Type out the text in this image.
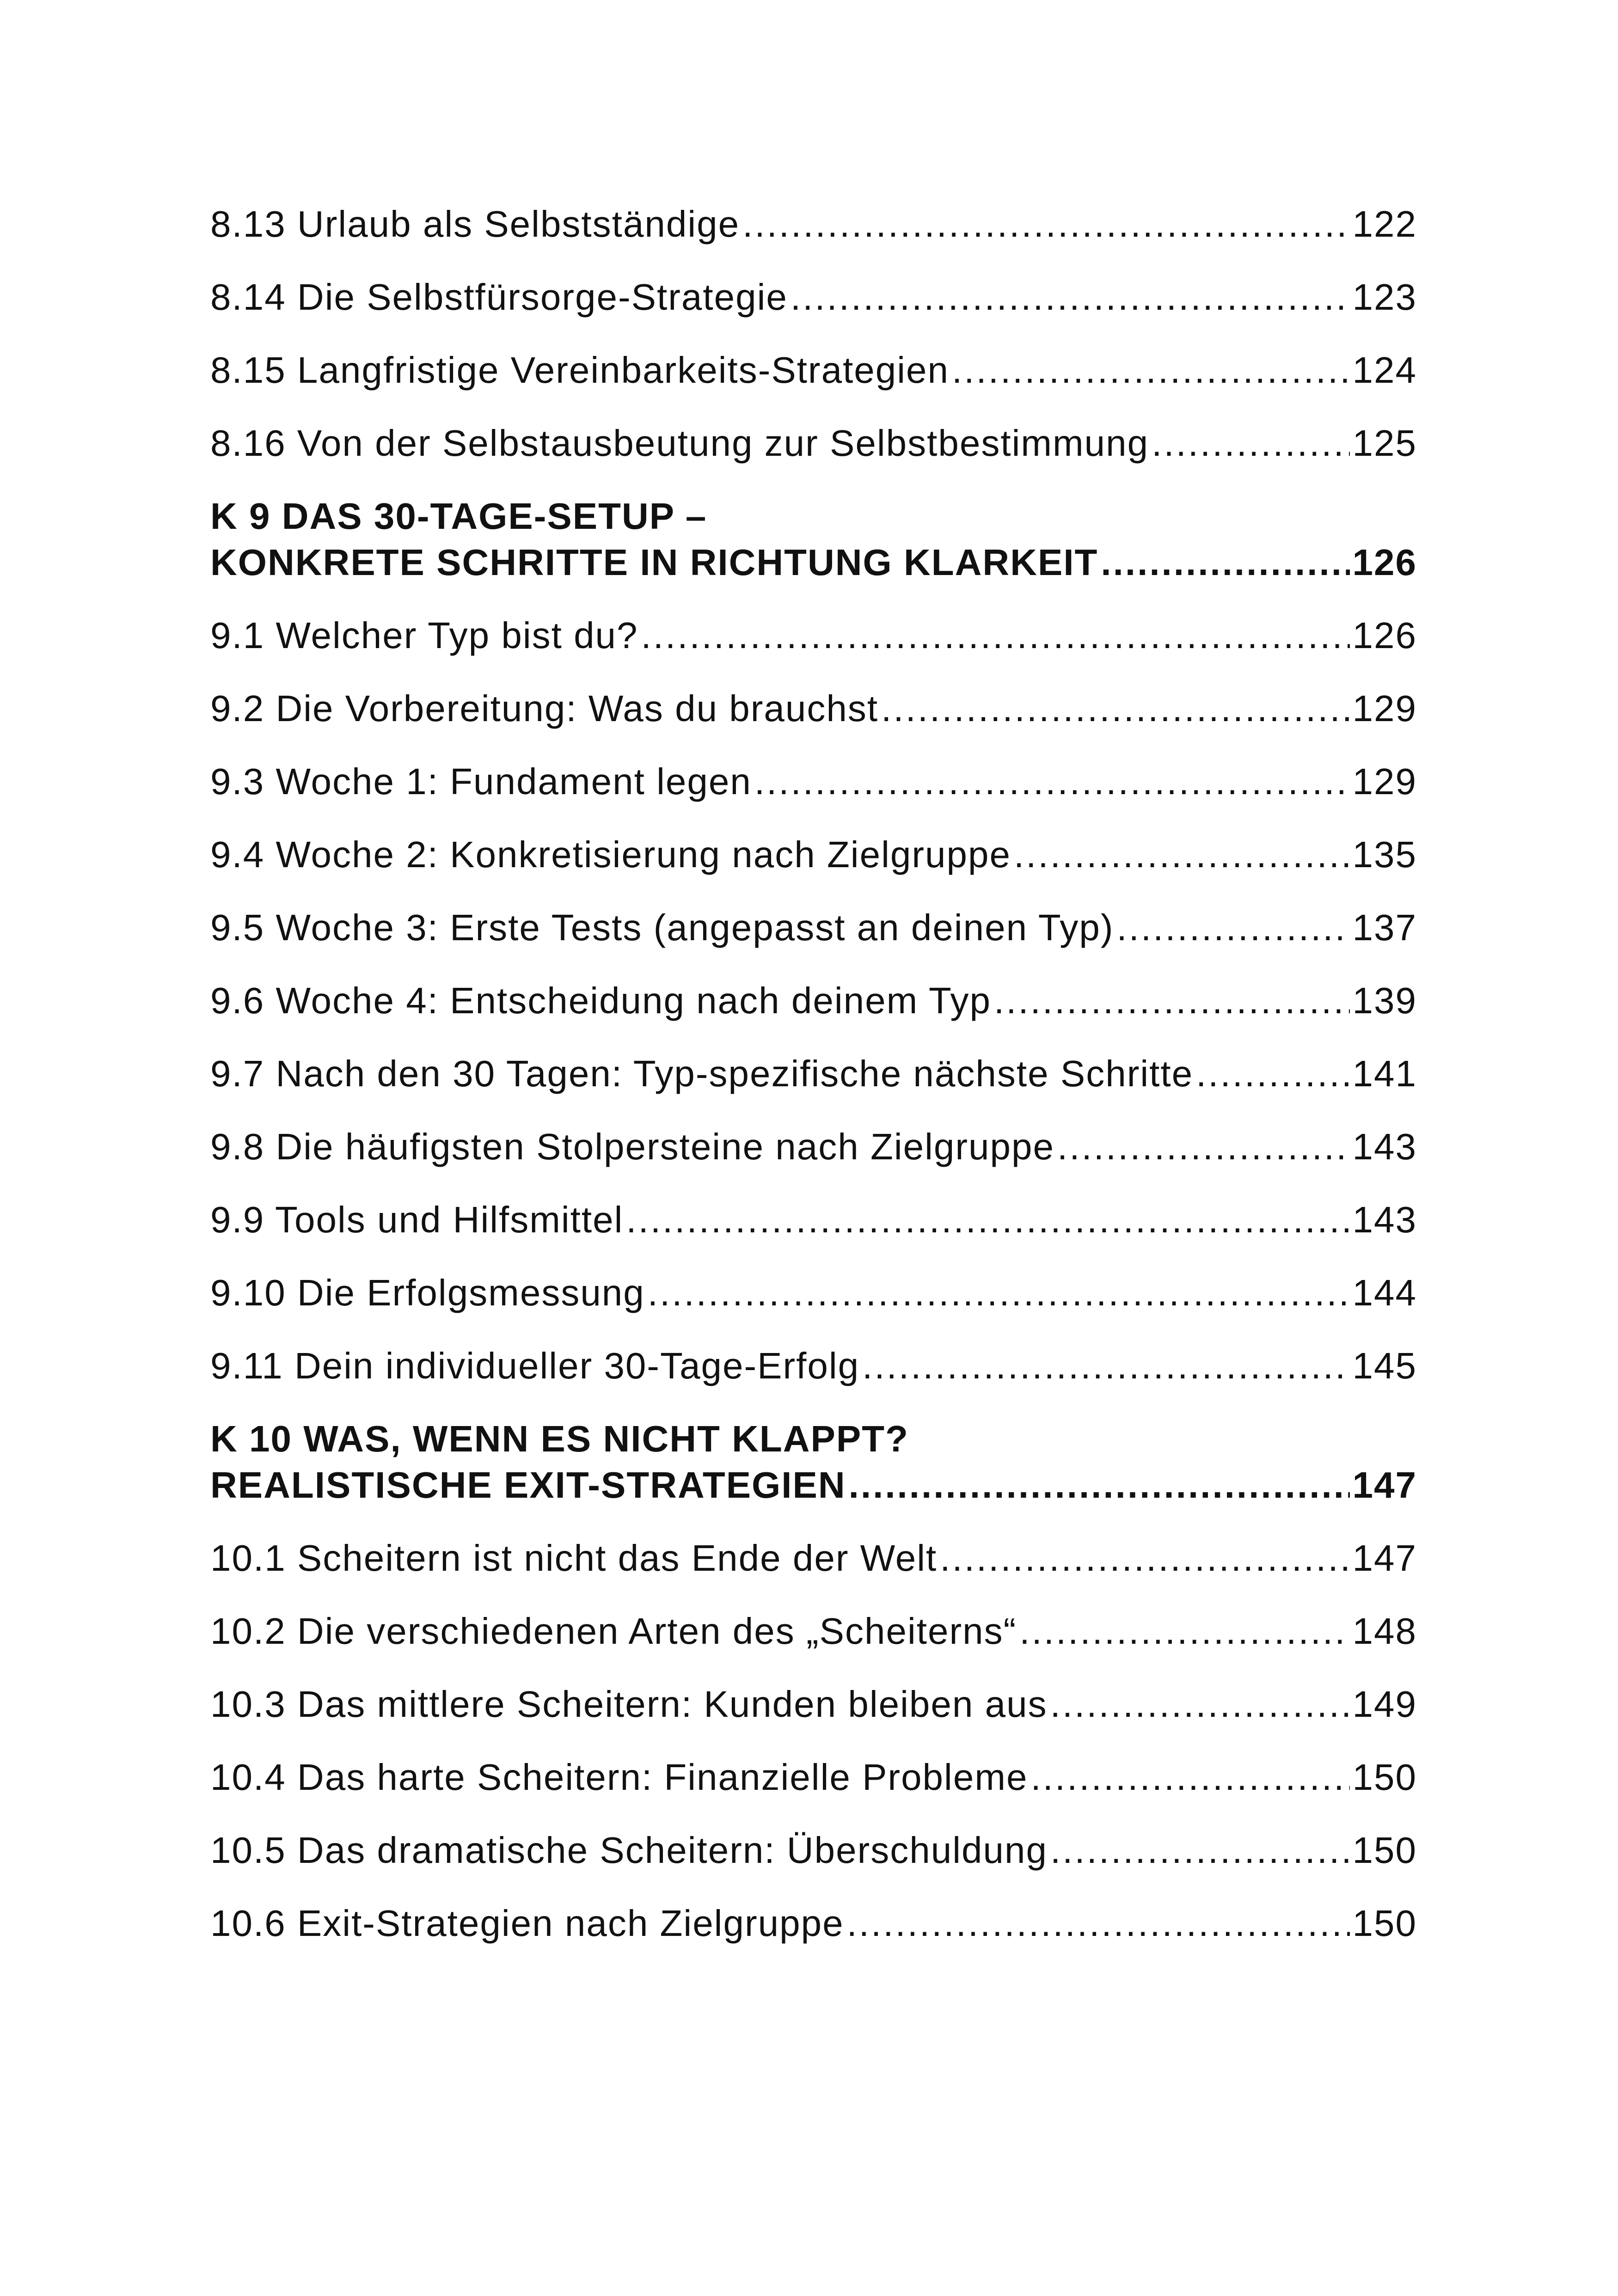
8.13 Urlaub als Selbstständige .....	122
8.14 Die Selbstfürsorge-Strategie .....	123
8.15 Langfristige Vereinbarkeits-Strategien .....	124
8.16 Von der Selbstausbeutung zur Selbstbestimmung .....	125
K 9 DAS 30-TAGE-SETUP –
KONKRETE SCHRITTE IN RICHTUNG KLARKEIT .....	126
9.1 Welcher Typ bist du? .....	126
9.2 Die Vorbereitung: Was du brauchst .....	129
9.3 Woche 1: Fundament legen .....	129
9.4 Woche 2: Konkretisierung nach Zielgruppe .....	135
9.5 Woche 3: Erste Tests (angepasst an deinen Typ) .....	137
9.6 Woche 4: Entscheidung nach deinem Typ .....	139
9.7 Nach den 30 Tagen: Typ-spezifische nächste Schritte .....	141
9.8 Die häufigsten Stolpersteine nach Zielgruppe .....	143
9.9 Tools und Hilfsmittel .....	143
9.10 Die Erfolgsmessung .....	144
9.11 Dein individueller 30-Tage-Erfolg .....	145
K 10 WAS, WENN ES NICHT KLAPPT?
REALISTISCHE EXIT-STRATEGIEN .....	147
10.1 Scheitern ist nicht das Ende der Welt .....	147
10.2 Die verschiedenen Arten des „Scheiterns“ .....	148
10.3 Das mittlere Scheitern: Kunden bleiben aus .....	149
10.4 Das harte Scheitern: Finanzielle Probleme .....	150
10.5 Das dramatische Scheitern: Überschuldung .....	150
10.6 Exit-Strategien nach Zielgruppe .....	150
